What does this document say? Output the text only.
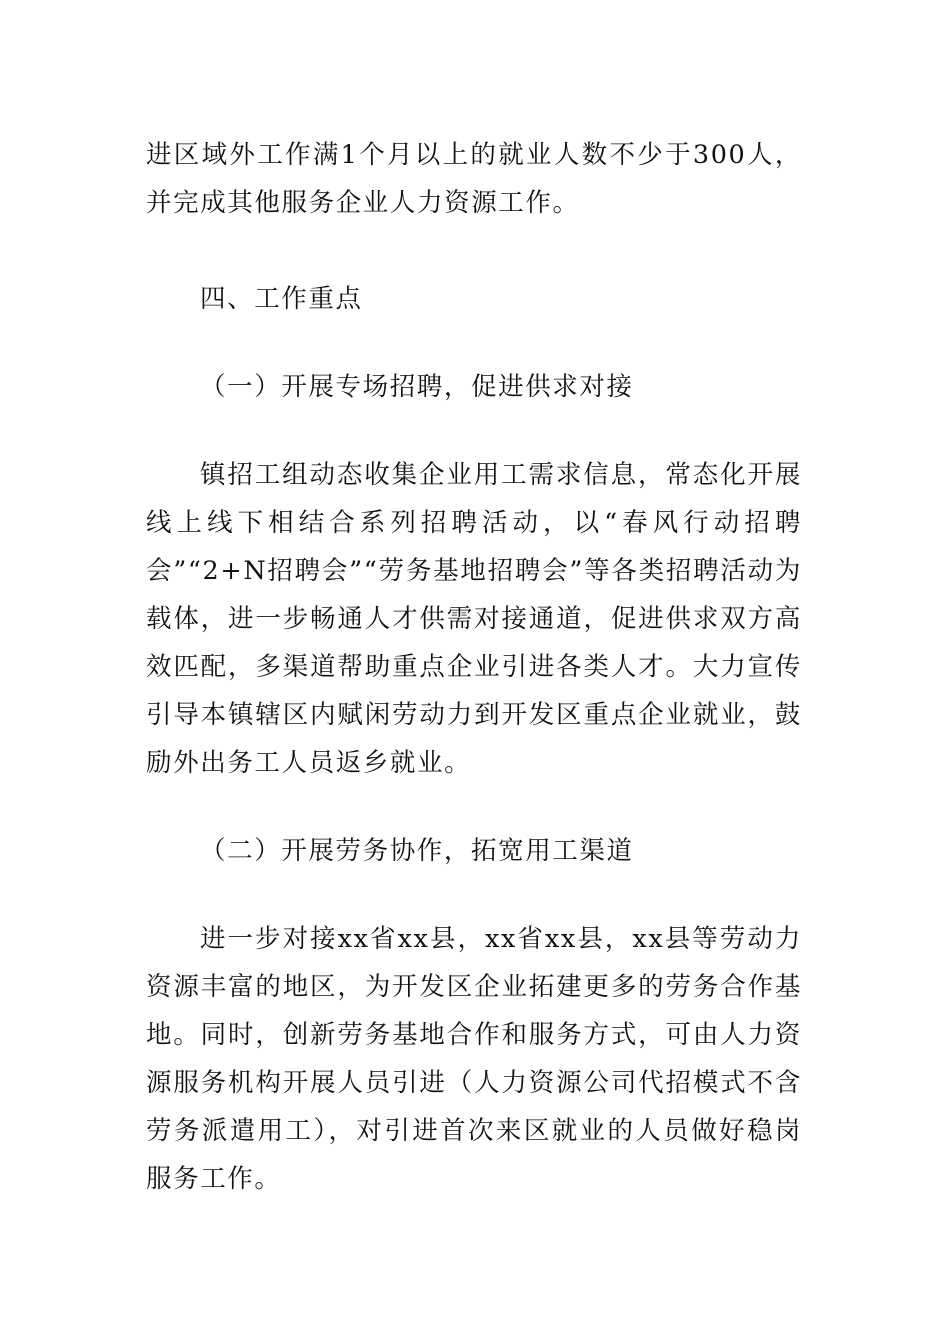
进区域外工作满1个月以上的就业人数不少于300人，并完成其他服务企业人力资源工作。

四、工作重点

（一）开展专场招聘，促进供求对接

镇招工组动态收集企业用工需求信息，常态化开展线上线下相结合系列招聘活动，以“春风行动招聘会”“2+N招聘会”“劳务基地招聘会”等各类招聘活动为载体，进一步畅通人才供需对接通道，促进供求双方高效匹配，多渠道帮助重点企业引进各类人才。大力宣传引导本镇辖区内赋闲劳动力到开发区重点企业就业，鼓励外出务工人员返乡就业。

（二）开展劳务协作，拓宽用工渠道

进一步对接xx省xx县，xx省xx县，xx县等劳动力资源丰富的地区，为开发区企业拓建更多的劳务合作基地。同时，创新劳务基地合作和服务方式，可由人力资源服务机构开展人员引进（人力资源公司代招模式不含劳务派遣用工），对引进首次来区就业的人员做好稳岗服务工作。
